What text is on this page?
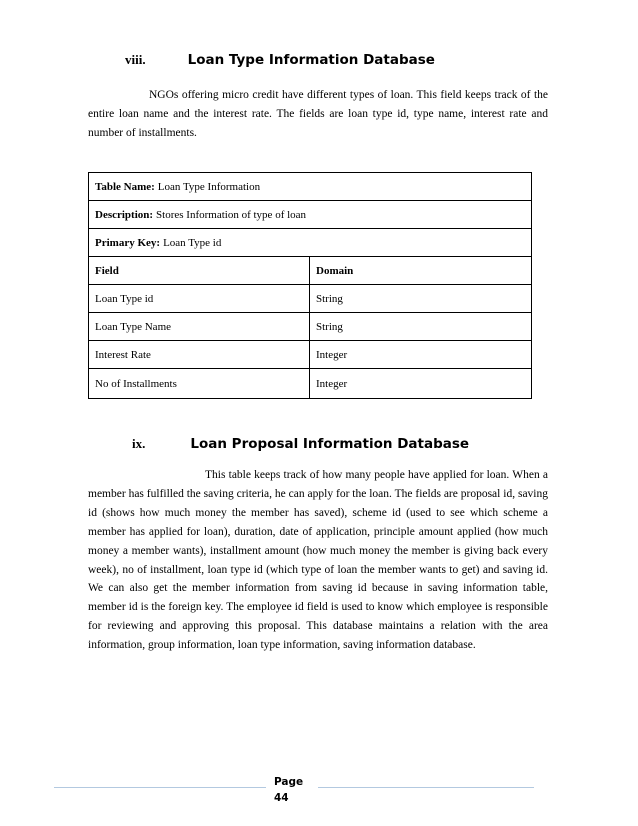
viii.	Loan Type Information Database

NGOs offering micro credit have different types of loan. This field keeps track of the entire loan name and the interest rate. The fields are loan type id, type name, interest rate and number of installments.

Table Name: Loan Type Information
Description: Stores Information of type of loan
Primary Key: Loan Type id
Field	Domain
Loan Type id	String
Loan Type Name	String
Interest Rate	Integer
No of Installments	Integer
ix.	Loan Proposal Information Database

This table keeps track of how many people have applied for loan. When a member has fulfilled the saving criteria, he can apply for the loan. The fields are proposal id, saving id (shows how much money the member has saved), scheme id (used to see which scheme a member has applied for loan), duration, date of application, principle amount applied (how much money a member wants), installment amount (how much money the member is giving back every week), no of installment, loan type id (which type of loan the member wants to get) and saving id. We can also get the member information from saving id because in saving information table, member id is the foreign key. The employee id field is used to know which employee is responsible for reviewing and approving this proposal. This database maintains a relation with the area information, group information, loan type information, saving information database.

Page
44
